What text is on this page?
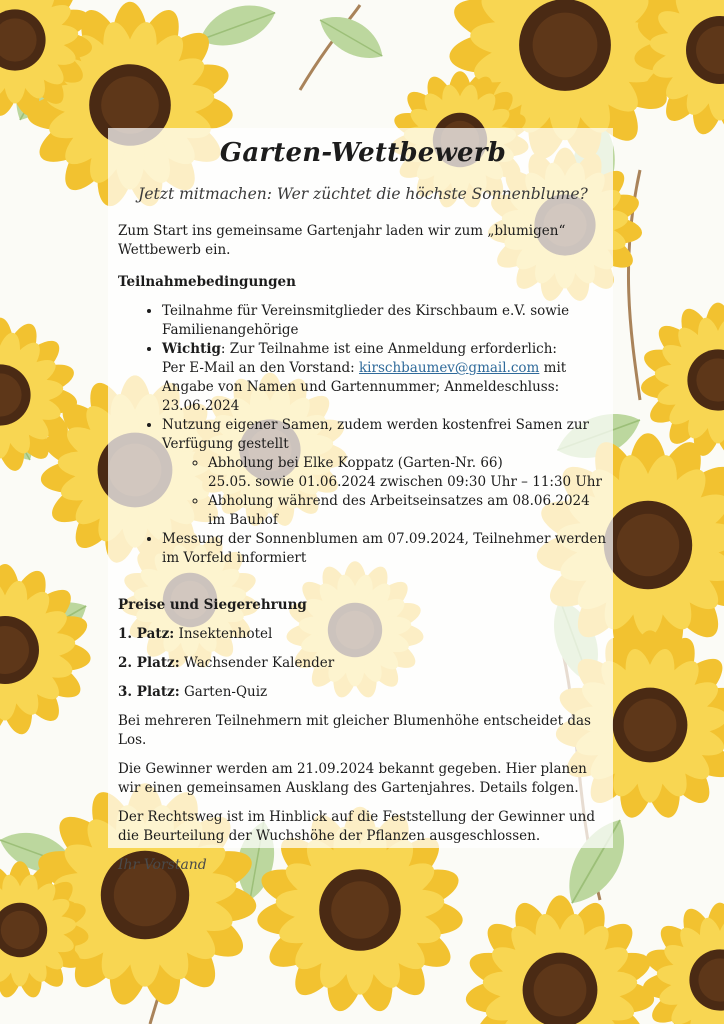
Garten-Wettbewerb

Jetzt mitmachen: Wer züchtet die höchste Sonnenblume?

Zum Start ins gemeinsame Gartenjahr laden wir zum „blumigen“ Wettbewerb ein.

Teilnahmebedingungen

• Teilnahme für Vereinsmitglieder des Kirschbaum e.V. sowie Familienangehörige
• Wichtig: Zur Teilnahme ist eine Anmeldung erforderlich:
Per E-Mail an den Vorstand: kirschbaumev@gmail.com mit Angabe von Namen und Gartennummer; Anmeldeschluss: 23.06.2024
• Nutzung eigener Samen, zudem werden kostenfrei Samen zur Verfügung gestellt
◦ Abholung bei Elke Koppatz (Garten-Nr. 66)
25.05. sowie 01.06.2024 zwischen 09:30 Uhr – 11:30 Uhr
◦ Abholung während des Arbeitseinsatzes am 08.06.2024 im Bauhof
• Messung der Sonnenblumen am 07.09.2024, Teilnehmer werden im Vorfeld informiert

Preise und Siegerehrung

1. Patz: Insektenhotel

2. Platz: Wachsender Kalender

3. Platz: Garten-Quiz

Bei mehreren Teilnehmern mit gleicher Blumenhöhe entscheidet das Los.

Die Gewinner werden am 21.09.2024 bekannt gegeben. Hier planen wir einen gemeinsamen Ausklang des Gartenjahres. Details folgen.

Der Rechtsweg ist im Hinblick auf die Feststellung der Gewinner und die Beurteilung der Wuchshöhe der Pflanzen ausgeschlossen.

Ihr Vorstand
